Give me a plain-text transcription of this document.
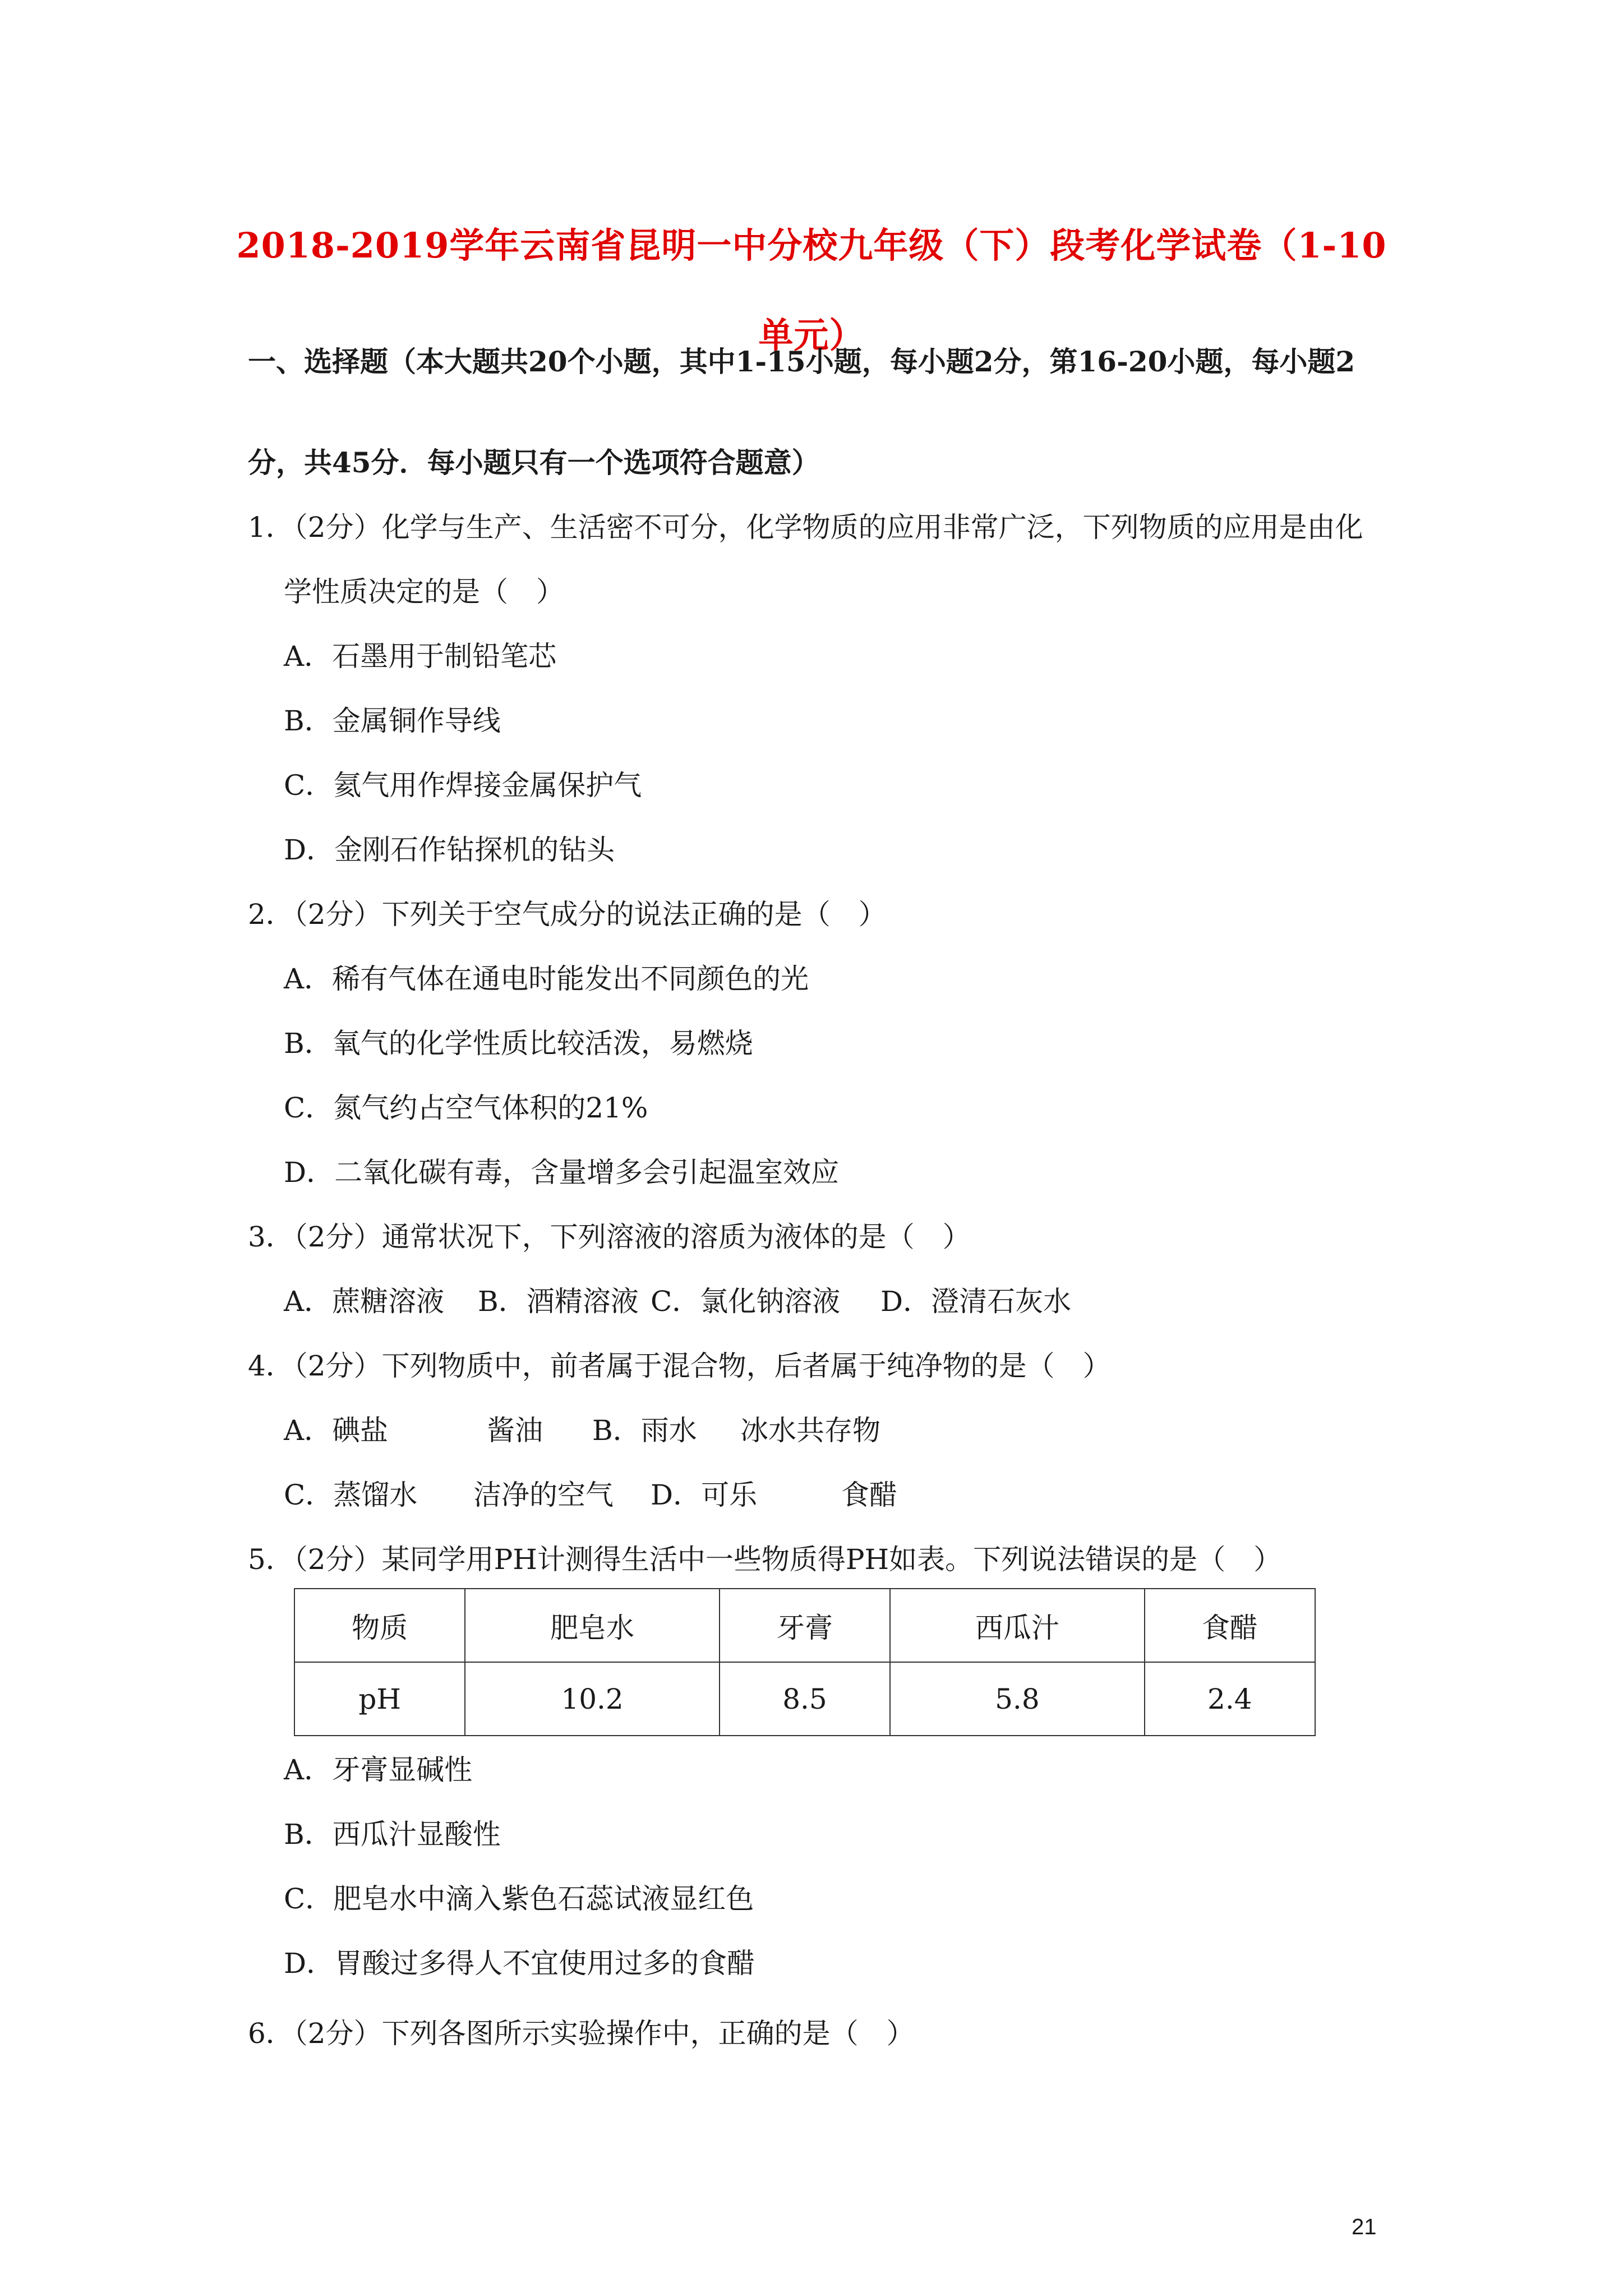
2018-2019学年云南省昆明一中分校九年级（下）段考化学试卷（1-10
单元）
一、选择题（本大题共20个小题，其中1-15小题，每小题2分，第16-20小题，每小题2
分，共45分．每小题只有一个选项符合题意）
1．（2分）化学与生产、生活密不可分，化学物质的应用非常广泛，下列物质的应用是由化
学性质决定的是（　）
A．石墨用于制铅笔芯
B．金属铜作导线
C．氦气用作焊接金属保护气
D．金刚石作钻探机的钻头
2．（2分）下列关于空气成分的说法正确的是（　）
A．稀有气体在通电时能发出不同颜色的光
B．氧气的化学性质比较活泼，易燃烧
C．氮气约占空气体积的21%
D．二氧化碳有毒，含量增多会引起温室效应
3．（2分）通常状况下，下列溶液的溶质为液体的是（　）
A．蔗糖溶液 B．酒精溶液 C．氯化钠溶液 D．澄清石灰水
4．（2分）下列物质中，前者属于混合物，后者属于纯净物的是（　）
A．碘盐	酱油 B．雨水 冰水共存物
C．蒸馏水 洁净的空气 D．可乐	食醋
5．（2分）某同学用PH计测得生活中一些物质得PH如表。下列说法错误的是（　）
物质	肥皂水	牙膏	西瓜汁	食醋
pH	10.2	8.5	5.8	2.4
A．牙膏显碱性
B．西瓜汁显酸性
C．肥皂水中滴入紫色石蕊试液显红色
D．胃酸过多得人不宜使用过多的食醋
6．（2分）下列各图所示实验操作中，正确的是（　）
21
